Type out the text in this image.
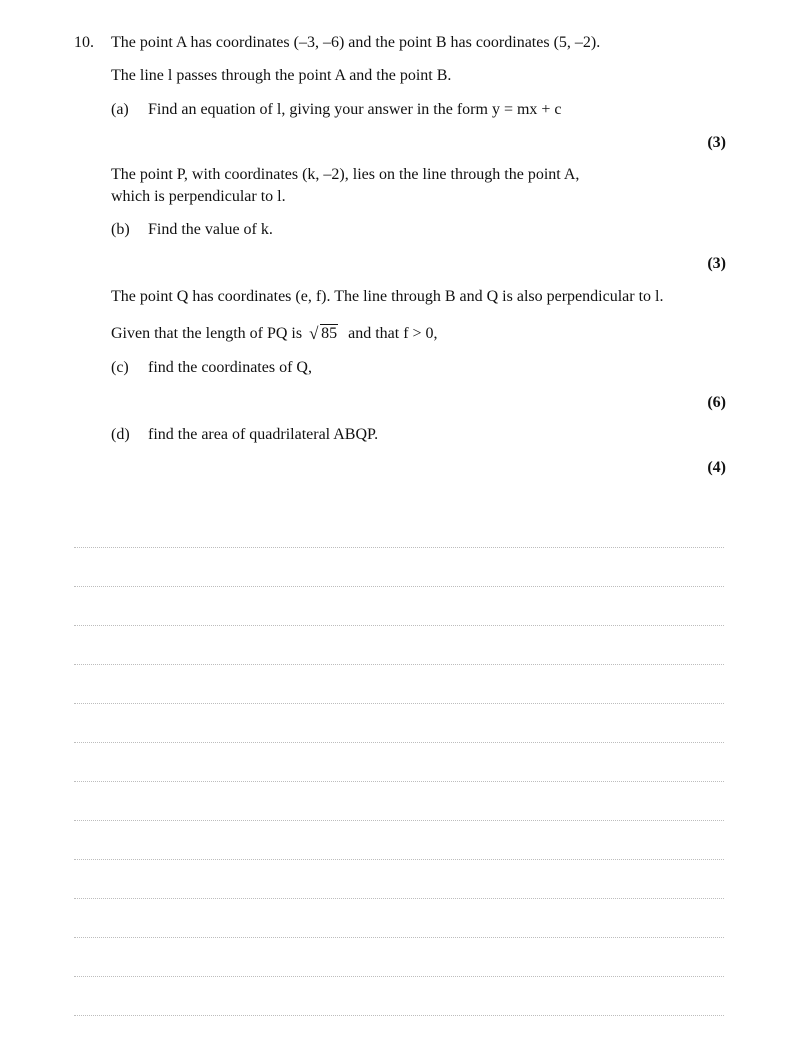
10. The point A has coordinates (–3, –6) and the point B has coordinates (5, –2).
The line l passes through the point A and the point B.
(a) Find an equation of l, giving your answer in the form y = mx + c
(3)
The point P, with coordinates (k, –2), lies on the line through the point A,
which is perpendicular to l.
(b) Find the value of k.
(3)
The point Q has coordinates (e, f). The line through B and Q is also perpendicular to l.
Given that the length of PQ is √ 85 and that f > 0,
(c) find the coordinates of Q,
(6)
(d) find the area of quadrilateral ABQP.
(4)
